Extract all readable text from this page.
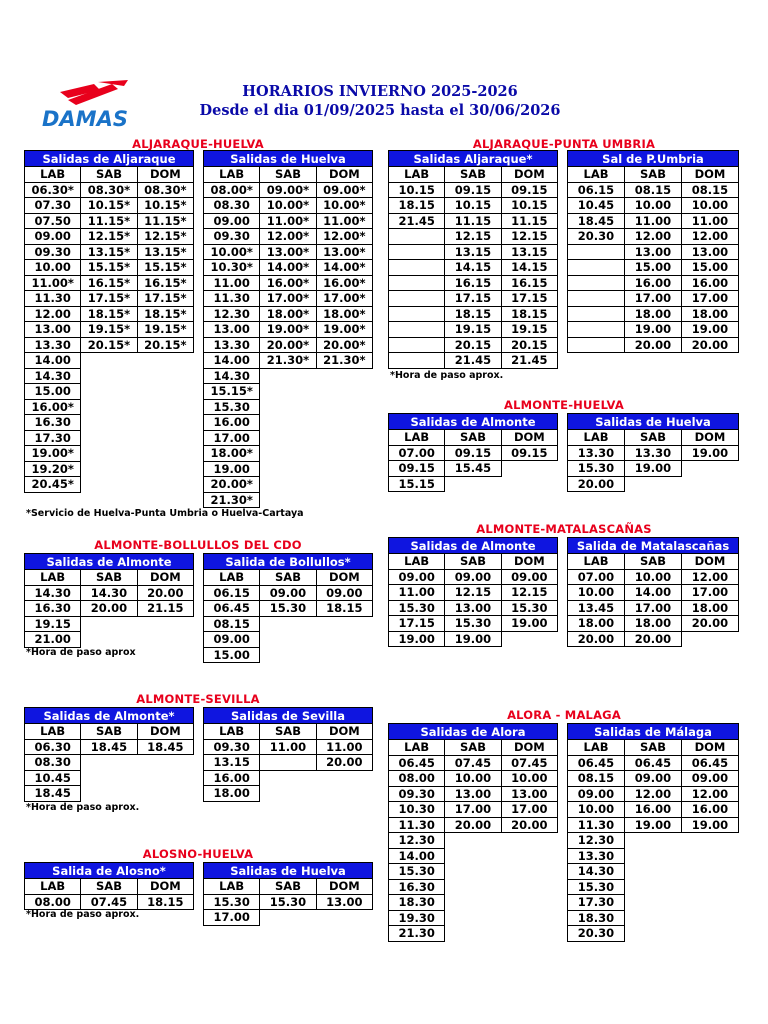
DAMAS
HORARIOS INVIERNO 2025-2026
Desde el dia 01/09/2025 hasta el 30/06/2026
ALJARAQUE-HUELVA	ALJARAQUE-PUNTA UMBRIA
ALMONTE-HUELVA
ALMONTE-MATALASCAÑAS
ALMONTE-BOLLULLOS DEL CDO
ALMONTE-SEVILLA
ALORA - MALAGA
ALOSNO-HUELVA
*Servicio de Huelva-Punta Umbria o Huelva-Cartaya
*Hora de paso aprox.
*Hora de paso aprox
*Hora de paso aprox.
*Hora de paso aprox.
Salidas de Aljaraque		
LAB	SAB	DOM
06.30*	08.30*	08.30*
07.30	10.15*	10.15*
07.50	11.15*	11.15*
09.00	12.15*	12.15*
09.30	13.15*	13.15*
10.00	15.15*	15.15*
11.00*	16.15*	16.15*
11.30	17.15*	17.15*
12.00	18.15*	18.15*
13.00	19.15*	19.15*
13.30	20.15*	20.15*
14.00		
14.30		
15.00		
16.00*		
16.30		
17.30		
19.00*		
19.20*		
20.45*		
Salidas de Huelva		
LAB	SAB	DOM
08.00*	09.00*	09.00*
08.30	10.00*	10.00*
09.00	11.00*	11.00*
09.30	12.00*	12.00*
10.00*	13.00*	13.00*
10.30*	14.00*	14.00*
11.00	16.00*	16.00*
11.30	17.00*	17.00*
12.30	18.00*	18.00*
13.00	19.00*	19.00*
13.30	20.00*	20.00*
14.00	21.30*	21.30*
14.30		
15.15*		
15.30		
16.00		
17.00		
18.00*		
19.00		
20.00*		
21.30*		
Salidas Aljaraque*		
LAB	SAB	DOM
10.15	09.15	09.15
18.15	10.15	10.15
21.45	11.15	11.15
	12.15	12.15
	13.15	13.15
	14.15	14.15
	16.15	16.15
	17.15	17.15
	18.15	18.15
	19.15	19.15
	20.15	20.15
	21.45	21.45
Sal de P.Umbria		
LAB	SAB	DOM
06.15	08.15	08.15
10.45	10.00	10.00
18.45	11.00	11.00
20.30	12.00	12.00
	13.00	13.00
	15.00	15.00
	16.00	16.00
	17.00	17.00
	18.00	18.00
	19.00	19.00
	20.00	20.00
Salidas de Almonte		
LAB	SAB	DOM
07.00	09.15	09.15
09.15	15.45	
15.15		
Salidas de Huelva		
LAB	SAB	DOM
13.30	13.30	19.00
15.30	19.00	
20.00		
Salidas de Almonte		
LAB	SAB	DOM
09.00	09.00	09.00
11.00	12.15	12.15
15.30	13.00	15.30
17.15	15.30	19.00
19.00	19.00	
Salida de Matalascañas		
LAB	SAB	DOM
07.00	10.00	12.00
10.00	14.00	17.00
13.45	17.00	18.00
18.00	18.00	20.00
20.00	20.00	
Salidas de Almonte		
LAB	SAB	DOM
14.30	14.30	20.00
16.30	20.00	21.15
19.15		
21.00		
Salida de Bollullos*		
LAB	SAB	DOM
06.15	09.00	09.00
06.45	15.30	18.15
08.15		
09.00		
15.00		
Salidas de Almonte*		
LAB	SAB	DOM
06.30	18.45	18.45
08.30		
10.45		
18.45		
Salidas de Sevilla		
LAB	SAB	DOM
09.30	11.00	11.00
13.15		20.00
16.00		
18.00		
Salidas de Alora		
LAB	SAB	DOM
06.45	07.45	07.45
08.00	10.00	10.00
09.30	13.00	13.00
10.30	17.00	17.00
11.30	20.00	20.00
12.30		
14.00		
15.30		
16.30		
18.30		
19.30		
21.30		
Salidas de Málaga		
LAB	SAB	DOM
06.45	06.45	06.45
08.15	09.00	09.00
09.00	12.00	12.00
10.00	16.00	16.00
11.30	19.00	19.00
12.30		
13.30		
14.30		
15.30		
17.30		
18.30		
20.30		
Salida de Alosno*		
LAB	SAB	DOM
08.00	07.45	18.15
Salidas de Huelva		
LAB	SAB	DOM
15.30	15.30	13.00
17.00		
